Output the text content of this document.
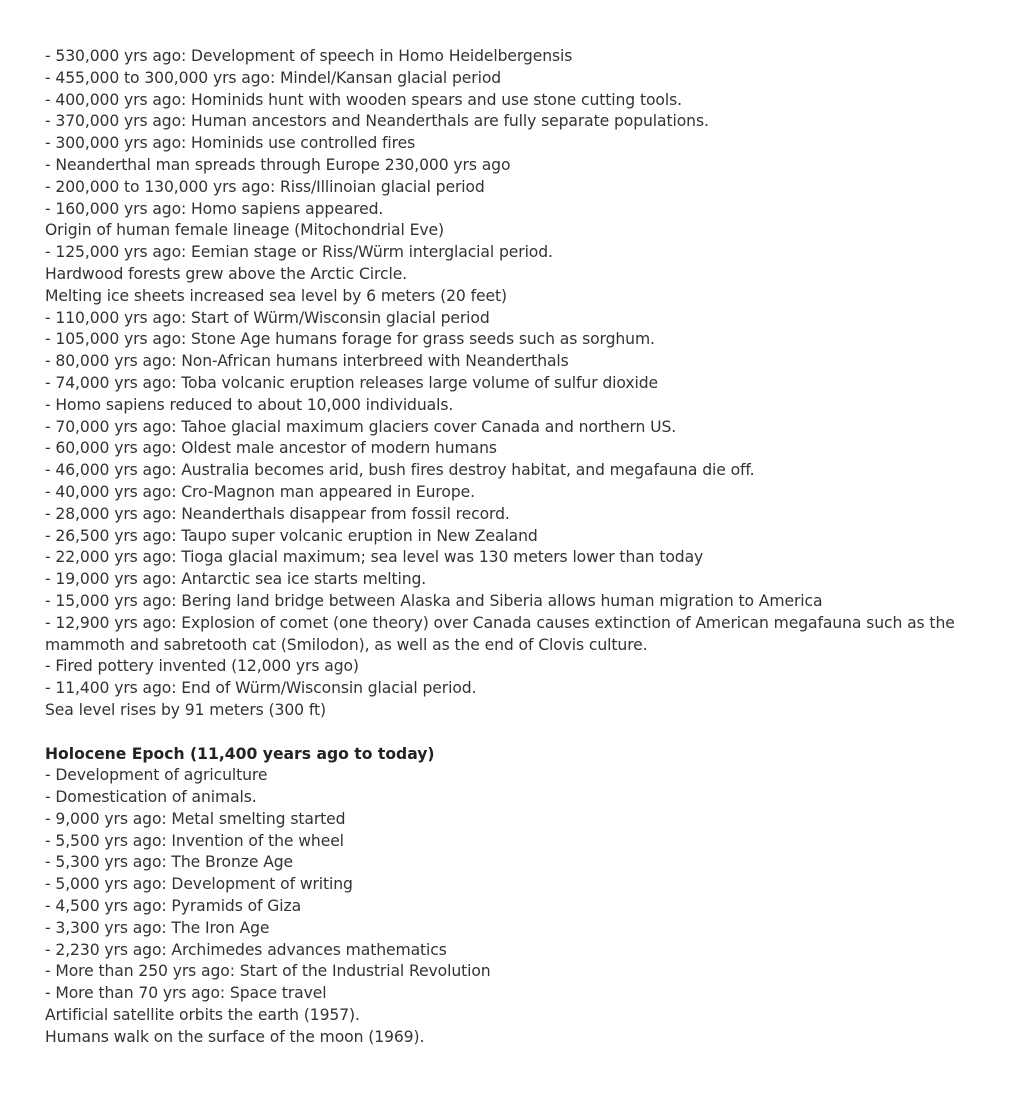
- 530,000 yrs ago: Development of speech in Homo Heidelbergensis
- 455,000 to 300,000 yrs ago: Mindel/Kansan glacial period
- 400,000 yrs ago: Hominids hunt with wooden spears and use stone cutting tools.
- 370,000 yrs ago: Human ancestors and Neanderthals are fully separate populations.
- 300,000 yrs ago: Hominids use controlled fires
- Neanderthal man spreads through Europe 230,000 yrs ago
- 200,000 to 130,000 yrs ago: Riss/Illinoian glacial period
- 160,000 yrs ago: Homo sapiens appeared.
Origin of human female lineage (Mitochondrial Eve)
- 125,000 yrs ago: Eemian stage or Riss/Würm interglacial period.
Hardwood forests grew above the Arctic Circle.
Melting ice sheets increased sea level by 6 meters (20 feet)
- 110,000 yrs ago: Start of Würm/Wisconsin glacial period
- 105,000 yrs ago: Stone Age humans forage for grass seeds such as sorghum.
- 80,000 yrs ago: Non-African humans interbreed with Neanderthals
- 74,000 yrs ago: Toba volcanic eruption releases large volume of sulfur dioxide
- Homo sapiens reduced to about 10,000 individuals.
- 70,000 yrs ago: Tahoe glacial maximum glaciers cover Canada and northern US.
- 60,000 yrs ago: Oldest male ancestor of modern humans
- 46,000 yrs ago: Australia becomes arid, bush fires destroy habitat, and megafauna die off.
- 40,000 yrs ago: Cro-Magnon man appeared in Europe.
- 28,000 yrs ago: Neanderthals disappear from fossil record.
- 26,500 yrs ago: Taupo super volcanic eruption in New Zealand
- 22,000 yrs ago: Tioga glacial maximum; sea level was 130 meters lower than today
- 19,000 yrs ago: Antarctic sea ice starts melting.
- 15,000 yrs ago: Bering land bridge between Alaska and Siberia allows human migration to America
- 12,900 yrs ago: Explosion of comet (one theory) over Canada causes extinction of American megafauna such as the mammoth and sabretooth cat (Smilodon), as well as the end of Clovis culture.
- Fired pottery invented (12,000 yrs ago)
- 11,400 yrs ago: End of Würm/Wisconsin glacial period.
Sea level rises by 91 meters (300 ft)
Holocene Epoch (11,400 years ago to today)
- Development of agriculture
- Domestication of animals.
- 9,000 yrs ago: Metal smelting started
- 5,500 yrs ago: Invention of the wheel
- 5,300 yrs ago: The Bronze Age
- 5,000 yrs ago: Development of writing
- 4,500 yrs ago: Pyramids of Giza
- 3,300 yrs ago: The Iron Age
- 2,230 yrs ago: Archimedes advances mathematics
- More than 250 yrs ago: Start of the Industrial Revolution
- More than 70 yrs ago: Space travel
Artificial satellite orbits the earth (1957).
Humans walk on the surface of the moon (1969).
